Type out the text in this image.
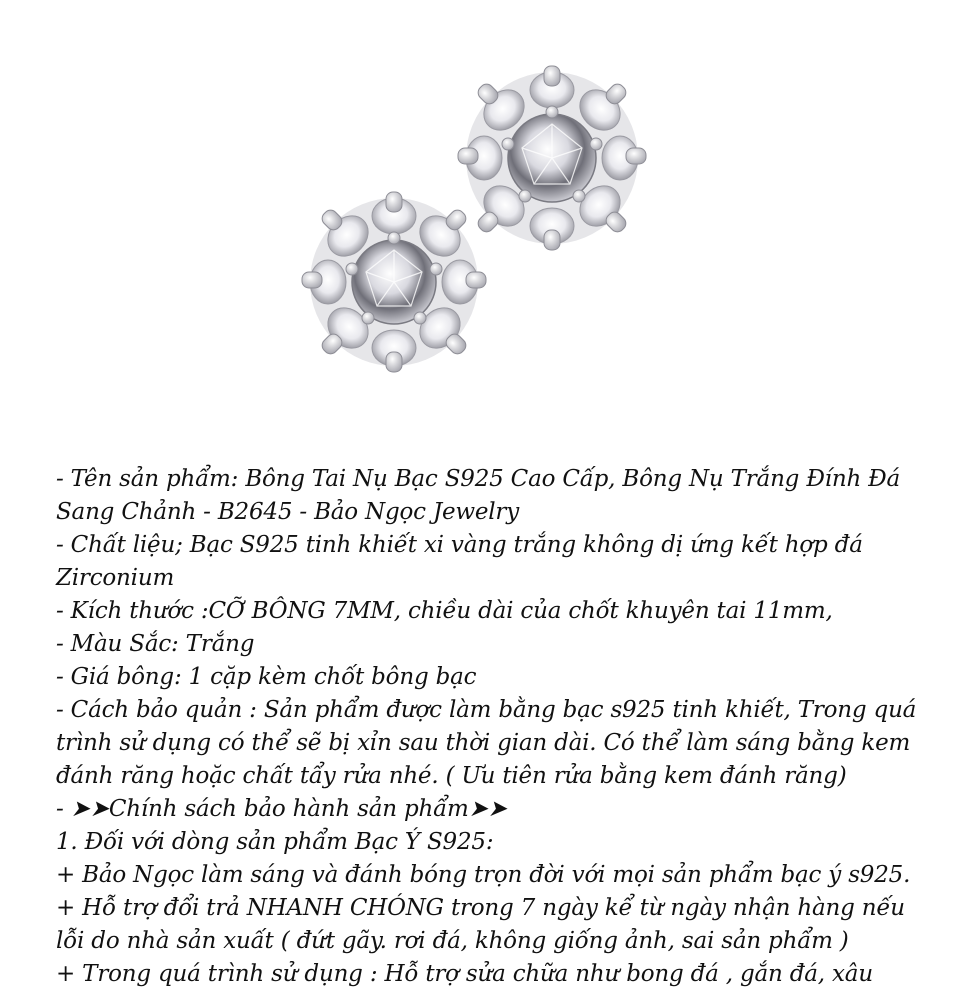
- Tên sản phẩm: Bông Tai Nụ Bạc S925 Cao Cấp, Bông Nụ Trắng Đính Đá Sang Chảnh - B2645 - Bảo Ngọc Jewelry

- Chất liệu; Bạc S925 tinh khiết xi vàng trắng không dị ứng kết hợp đá Zirconium

- Kích thước :CỠ BÔNG 7MM, chiều dài của chốt khuyên tai 11mm,

- Màu Sắc: Trắng

- Giá bông: 1 cặp kèm chốt bông bạc

- Cách bảo quản : Sản phẩm được làm bằng bạc s925 tinh khiết, Trong quá trình sử dụng có thể sẽ bị xỉn sau thời gian dài. Có thể làm sáng bằng kem đánh răng hoặc chất tẩy rửa nhé. ( Ưu tiên rửa bằng kem đánh răng)

- ➤➤Chính sách bảo hành sản phẩm➤➤

1. Đối với dòng sản phẩm Bạc Ý S925:

+ Bảo Ngọc làm sáng và đánh bóng trọn đời với mọi sản phẩm bạc ý s925.

+ Hỗ trợ đổi trả NHANH CHÓNG trong 7 ngày kể từ ngày nhận hàng nếu lỗi do nhà sản xuất ( đứt gãy. rơi đá, không giống ảnh, sai sản phẩm )

+ Trong quá trình sử dụng : Hỗ trợ sửa chữa như bong đá , gắn đá, xâu
